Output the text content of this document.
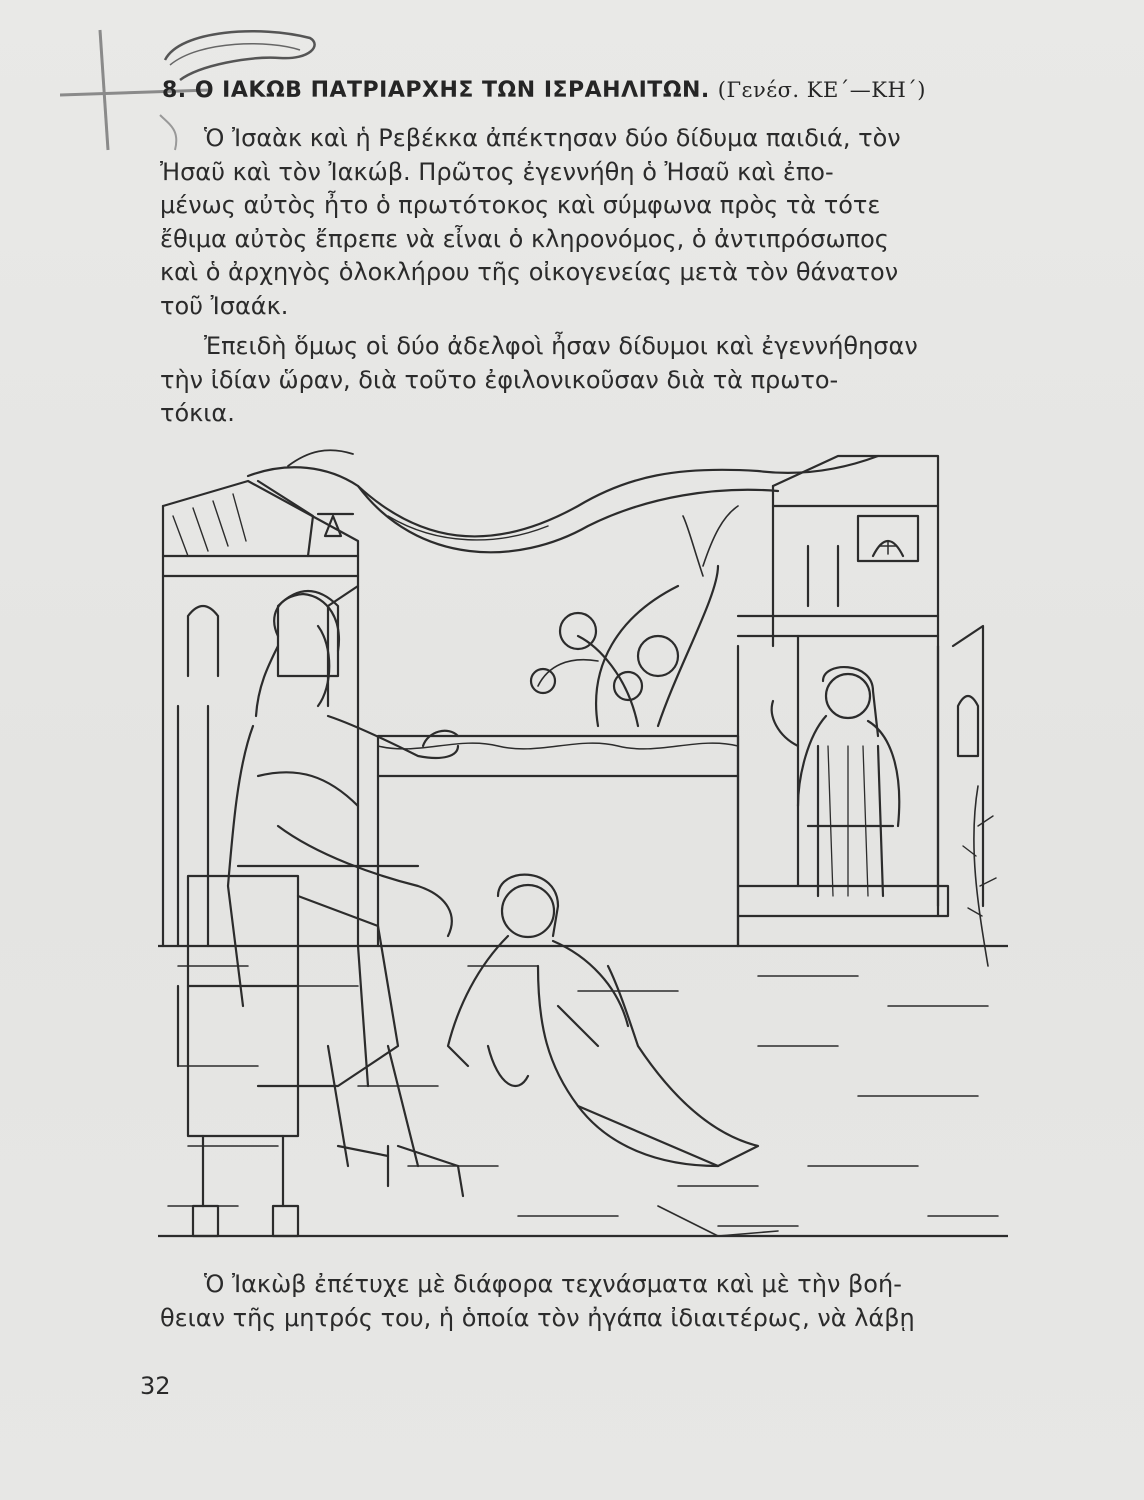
8. Ο ΙΑΚΩΒ ΠΑΤΡΙΑΡΧΗΣ ΤΩΝ ΙΣΡΑΗΛΙΤΩΝ. (Γενέσ. ΚΕ΄—ΚΗ΄)
Ὁ Ἰσαὰκ καὶ ἡ Ρεβέκκα ἀπέκτησαν δύο δίδυμα παιδιά, τὸν
Ἠσαῦ καὶ τὸν Ἰακώβ. Πρῶτος ἐγεννήθη ὁ Ἠσαῦ καὶ ἐπο-
μένως αὐτὸς ἦτο ὁ πρωτότοκος καὶ σύμφωνα πρὸς τὰ τότε
ἔθιμα αὐτὸς ἔπρεπε νὰ εἶναι ὁ κληρονόμος, ὁ ἀντιπρόσωπος
καὶ ὁ ἀρχηγὸς ὁλοκλήρου τῆς οἰκογενείας μετὰ τὸν θάνατον
τοῦ Ἰσαάκ.
Ἐπειδὴ ὅμως οἱ δύο ἀδελφοὶ ἦσαν δίδυμοι καὶ ἐγεννήθησαν
τὴν ἰδίαν ὥραν, διὰ τοῦτο ἐφιλονικοῦσαν διὰ τὰ πρωτο-
τόκια.
Ὁ Ἰακὼβ ἐπέτυχε μὲ διάφορα τεχνάσματα καὶ μὲ τὴν βοή-
θειαν τῆς μητρός του, ἡ ὁποία τὸν ἠγάπα ἰδιαιτέρως, νὰ λάβῃ
32
